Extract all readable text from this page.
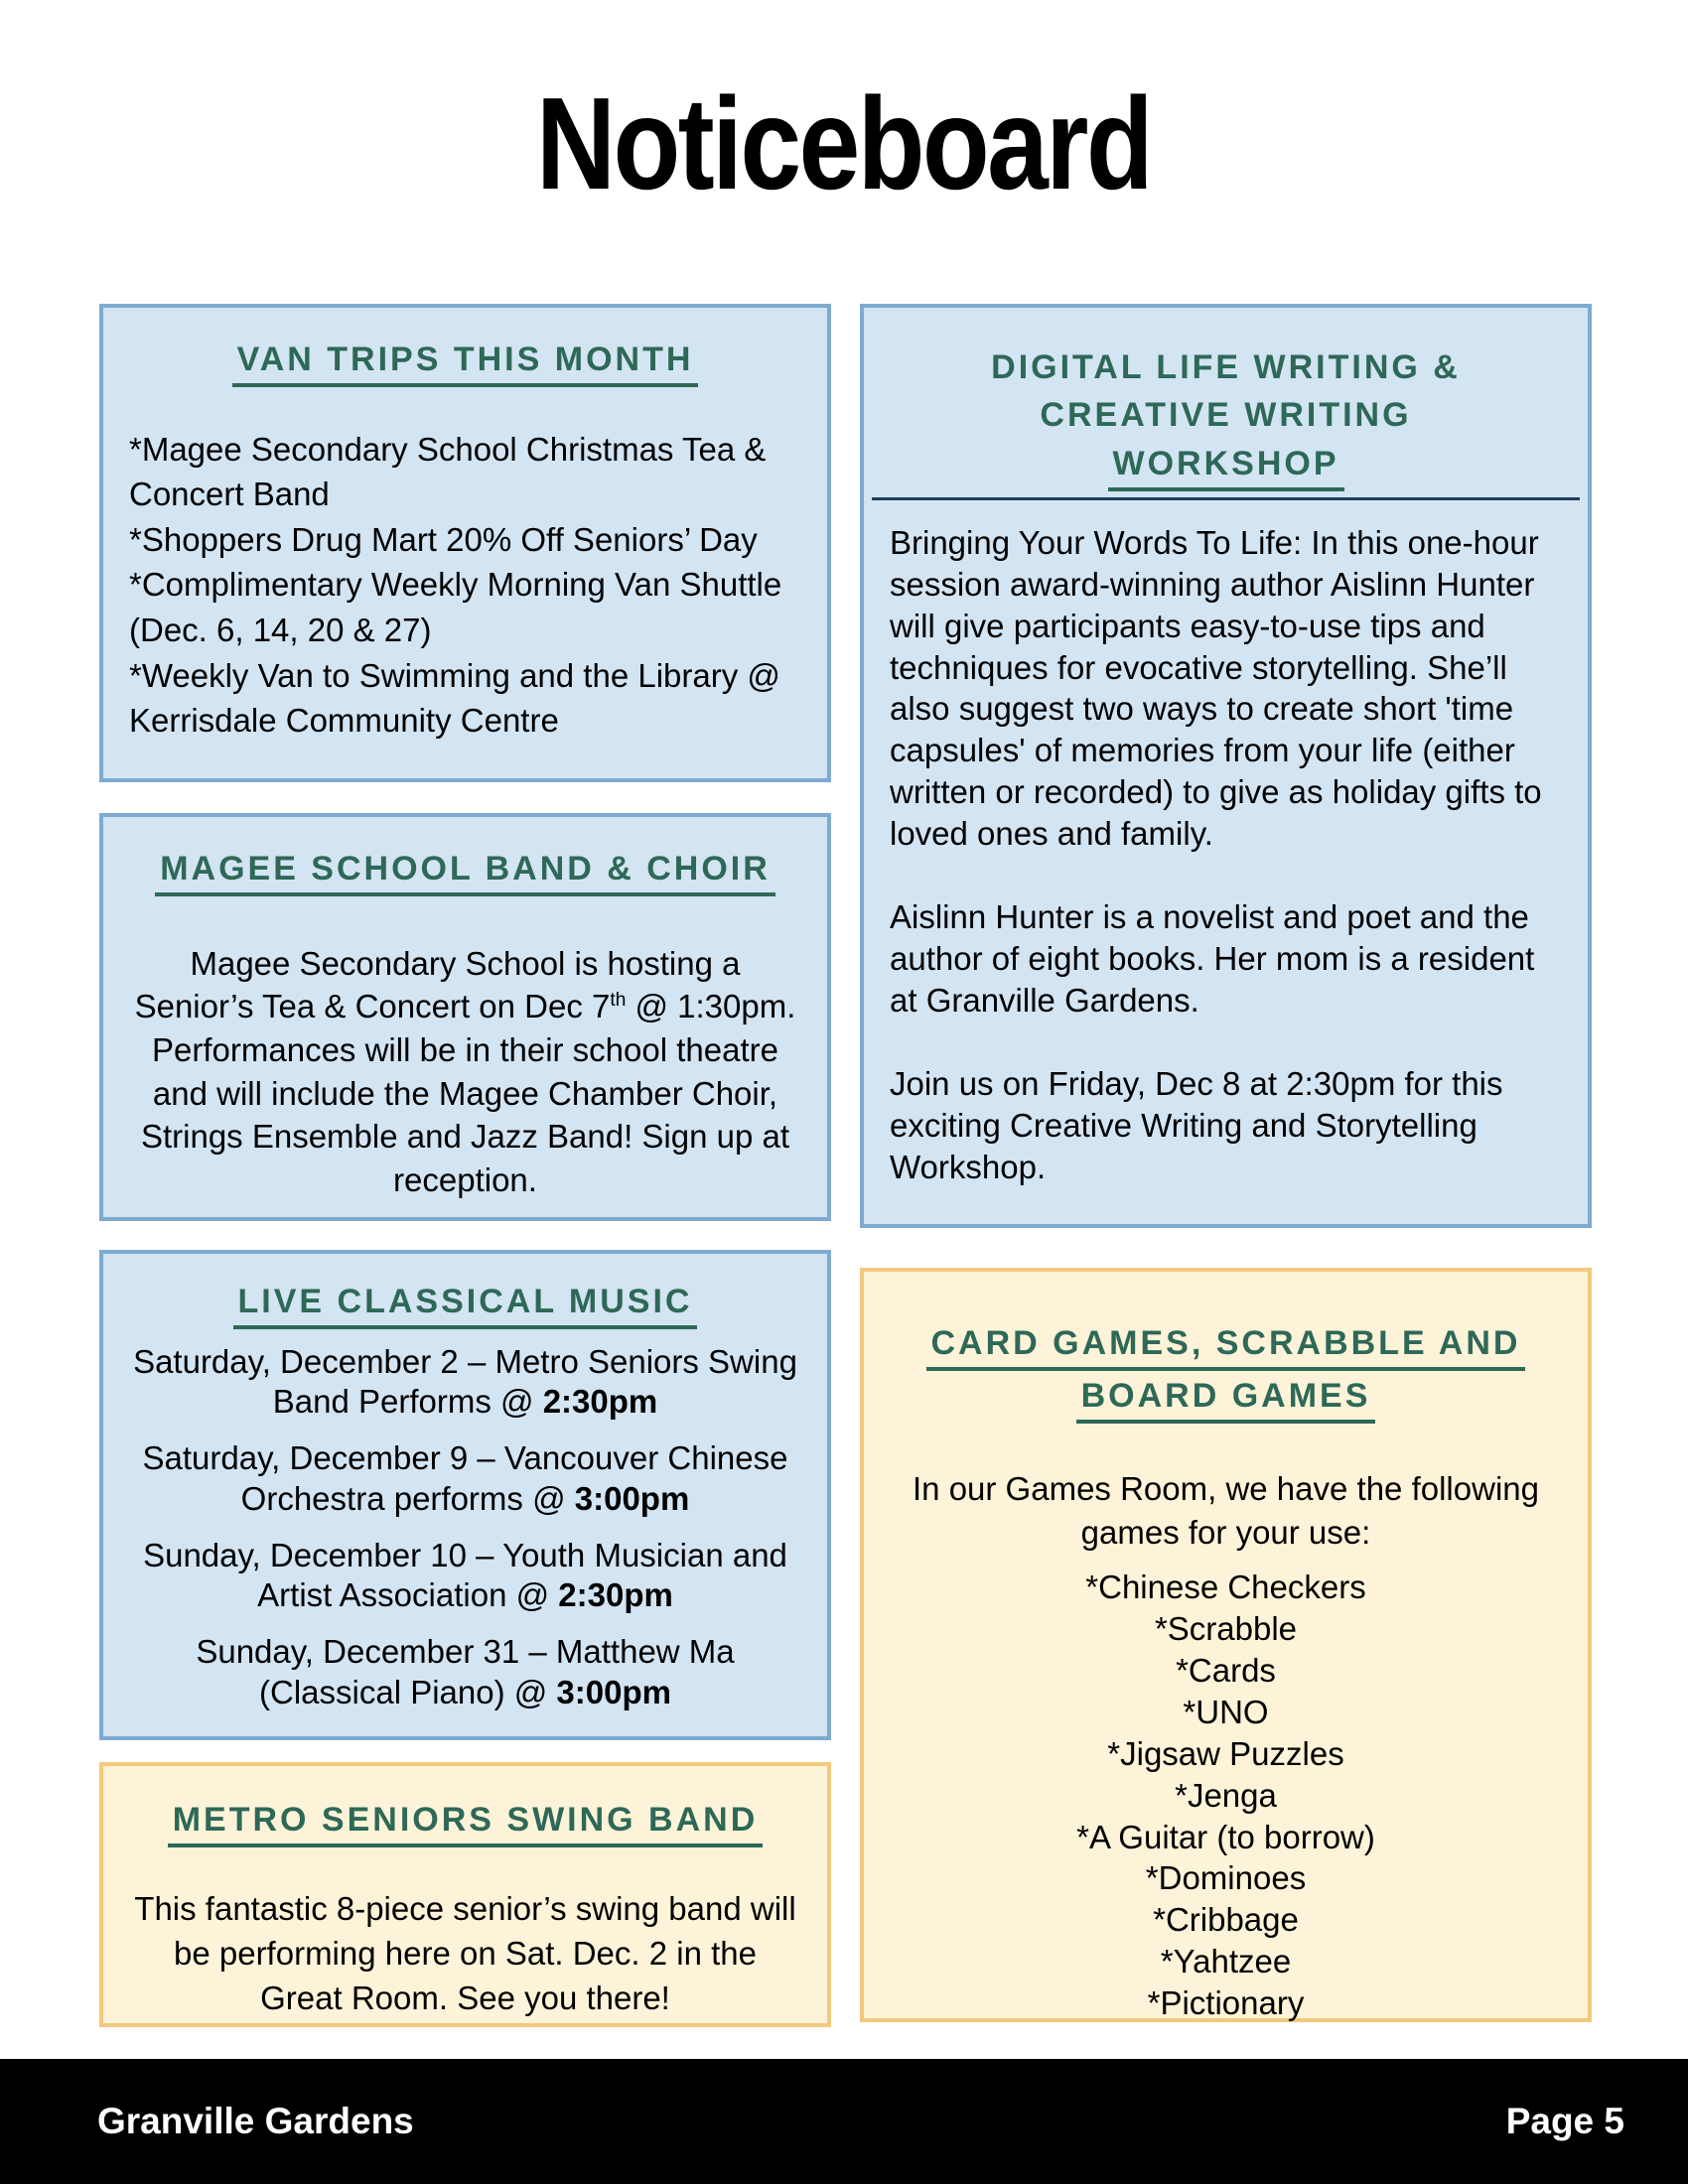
Noticeboard
VAN TRIPS THIS MONTH
*Magee Secondary School Christmas Tea & Concert Band
*Shoppers Drug Mart 20% Off Seniors’ Day
*Complimentary Weekly Morning Van Shuttle (Dec. 6, 14, 20 & 27)
*Weekly Van to Swimming and the Library @ Kerrisdale Community Centre
MAGEE SCHOOL BAND & CHOIR
Magee Secondary School is hosting a Senior’s Tea & Concert on Dec 7th @ 1:30pm. Performances will be in their school theatre and will include the Magee Chamber Choir, Strings Ensemble and Jazz Band! Sign up at reception.
LIVE CLASSICAL MUSIC
Saturday, December 2 – Metro Seniors Swing Band Performs @ 2:30pm
Saturday, December 9 – Vancouver Chinese Orchestra performs @ 3:00pm
Sunday, December 10 – Youth Musician and Artist Association @ 2:30pm
Sunday, December 31 – Matthew Ma (Classical Piano) @ 3:00pm
METRO SENIORS SWING BAND
This fantastic 8-piece senior’s swing band will be performing here on Sat. Dec. 2 in the Great Room. See you there!
DIGITAL LIFE WRITING &
CREATIVE WRITING
WORKSHOP

Bringing Your Words To Life: In this one-hour session award-winning author Aislinn Hunter will give participants easy-to-use tips and techniques for evocative storytelling. She’ll also suggest two ways to create short 'time capsules' of memories from your life (either written or recorded) to give as holiday gifts to loved ones and family.

Aislinn Hunter is a novelist and poet and the author of eight books. Her mom is a resident at Granville Gardens.

Join us on Friday, Dec 8 at 2:30pm for this exciting Creative Writing and Storytelling Workshop.

CARD GAMES, SCRABBLE AND
BOARD GAMES
In our Games Room, we have the following games for your use:
*Chinese Checkers
*Scrabble
*Cards
*UNO
*Jigsaw Puzzles
*Jenga
*A Guitar (to borrow)
*Dominoes
*Cribbage
*Yahtzee
*Pictionary
Granville Gardens	Page 5
